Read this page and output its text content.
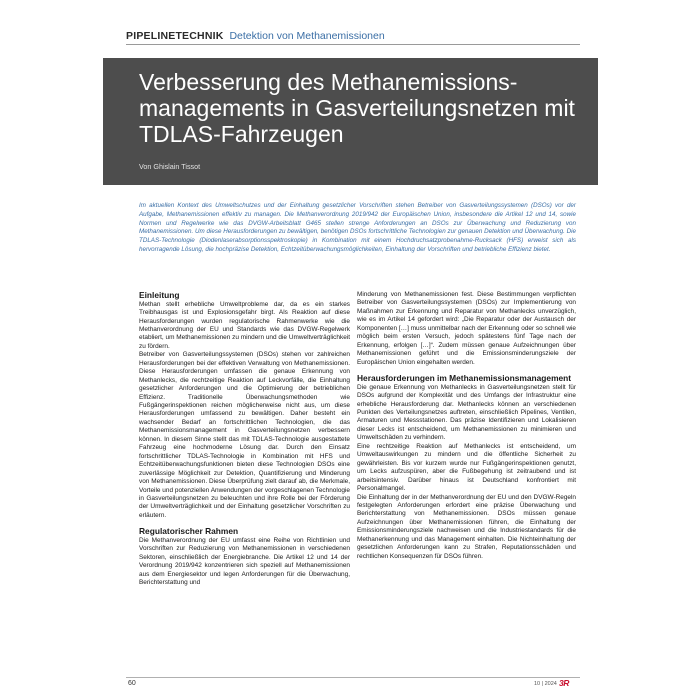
PIPELINETECHNIK Detektion von Methanemissionen
Verbesserung des Methanemissions-managements in Gasverteilungsnetzen mit TDLAS-Fahrzeugen
Von Ghislain Tissot

Im aktuellen Kontext des Umweltschutzes und der Einhaltung gesetzlicher Vorschriften stehen Betreiber von Gasverteilungssystemen (DSOs) vor der Aufgabe, Methanemissionen effektiv zu managen. Die Methanverordnung 2019/942 der Europäischen Union, insbesondere die Artikel 12 und 14, sowie Normen und Regelwerke wie das DVGW-Arbeitsblatt G465 stellen strenge Anforderungen an DSOs zur Überwachung und Reduzierung von Methanemissionen. Um diese Herausforderungen zu bewältigen, benötigen DSOs fortschrittliche Technologien zur genauen Detektion und Überwachung. Die TDLAS-Technologie (Diodenlaserabsorptionsspektroskopie) in Kombination mit einem Hochdruchsatzprobenahme-Rucksack (HFS) erweist sich als hervorragende Lösung, die hochpräzise Detektion, Echtzeitüberwachungsmöglichkeiten, Einhaltung der Vorschriften und betriebliche Effizienz bietet.

Einleitung

Methan stellt erhebliche Umweltprobleme dar, da es ein starkes Treibhausgas ist und Explosionsgefahr birgt. Als Reaktion auf diese Herausforderungen wurden regulatorische Rahmenwerke wie die Methanverordnung der EU und Standards wie das DVGW-Regelwerk etabliert, um Methanemissionen zu mindern und die Umweltverträglichkeit zu fördern.

Betreiber von Gasverteilungssystemen (DSOs) stehen vor zahlreichen Herausforderungen bei der effektiven Verwaltung von Methanemissionen. Diese Herausforderungen umfassen die genaue Erkennung von Methanlecks, die rechtzeitige Reaktion auf Leckvorfälle, die Einhaltung gesetzlicher Anforderungen und die Optimierung der betrieblichen Effizienz. Traditionelle Überwachungsmethoden wie Fußgängerinspektionen reichen möglicherweise nicht aus, um diese Herausforderungen umfassend zu bewältigen. Daher besteht ein wachsender Bedarf an fortschrittlichen Technologien, die das Methanemissionsmanagement in Gasverteilungsnetzen verbessern können. In diesem Sinne stellt das mit TDLAS-Technologie ausgestattete Fahrzeug eine hochmoderne Lösung dar. Durch den Einsatz fortschrittlicher TDLAS-Technologie in Kombination mit HFS und Echtzeitüberwachungsfunktionen bieten diese Technologien DSOs eine zuverlässige Möglichkeit zur Detektion, Quantifizierung und Minderung von Methanemissionen. Diese Überprüfung zielt darauf ab, die Merkmale, Vorteile und potenziellen Anwendungen der vorgeschlagenen Technologie in Gasverteilungsnetzen zu beleuchten und ihre Rolle bei der Förderung der Umweltverträglichkeit und der Einhaltung gesetzlicher Vorschriften zu erläutern.

Regulatorischer Rahmen

Die Methanverordnung der EU umfasst eine Reihe von Richtlinien und Vorschriften zur Reduzierung von Methanemissionen in verschiedenen Sektoren, einschließlich der Energiebranche. Die Artikel 12 und 14 der Verordnung 2019/942 konzentrieren sich speziell auf Methanemissionen aus dem Energiesektor und legen Anforderungen für die Überwachung, Berichterstattung und

Minderung von Methanemissionen fest. Diese Bestimmungen verpflichten Betreiber von Gasverteilungssystemen (DSOs) zur Implementierung von Maßnahmen zur Erkennung und Reparatur von Methanlecks unverzüglich, wie es im Artikel 14 gefordert wird: „Die Reparatur oder der Austausch der Komponenten […] muss unmittelbar nach der Erkennung oder so schnell wie möglich beim ersten Versuch, jedoch spätestens fünf Tage nach der Erkennung, erfolgen […]“. Zudem müssen genaue Aufzeichnungen über Methanemissionen geführt und die Emissionsminderungsziele der Europäischen Union eingehalten werden.

Herausforderungen im Methanemissionsmanagement

Die genaue Erkennung von Methanlecks in Gasverteilungsnetzen stellt für DSOs aufgrund der Komplexität und des Umfangs der Infrastruktur eine erhebliche Herausforderung dar. Methanlecks können an verschiedenen Punkten des Verteilungsnetzes auftreten, einschließlich Pipelines, Ventilen, Armaturen und Messstationen. Das präzise Identifizieren und Lokalisieren dieser Lecks ist entscheidend, um Methanemissionen zu minimieren und Umweltschäden zu verhindern.

Eine rechtzeitige Reaktion auf Methanlecks ist entscheidend, um Umweltauswirkungen zu mindern und die öffentliche Sicherheit zu gewährleisten. Bis vor kurzem wurde nur Fußgängerinspektionen genutzt, um Lecks aufzuspüren, aber die Fußbegehung ist zeitraubend und ist arbeitsintensiv. Darüber hinaus ist Deutschland konfrontiert mit Personalmangel.

Die Einhaltung der in der Methanverordnung der EU und den DVGW-Regeln festgelegten Anforderungen erfordert eine präzise Überwachung und Berichterstattung von Methanemissionen. DSOs müssen genaue Aufzeichnungen über Methanemissionen führen, die Einhaltung der Emissionsminderungsziele nachweisen und die Industriestandards für die Methanerkennung und das Management einhalten. Die Nichteinhaltung der gesetzlichen Anforderungen kann zu Strafen, Reputationsschäden und rechtlichen Konsequenzen für DSOs führen.

60	10 | 2024 3R
